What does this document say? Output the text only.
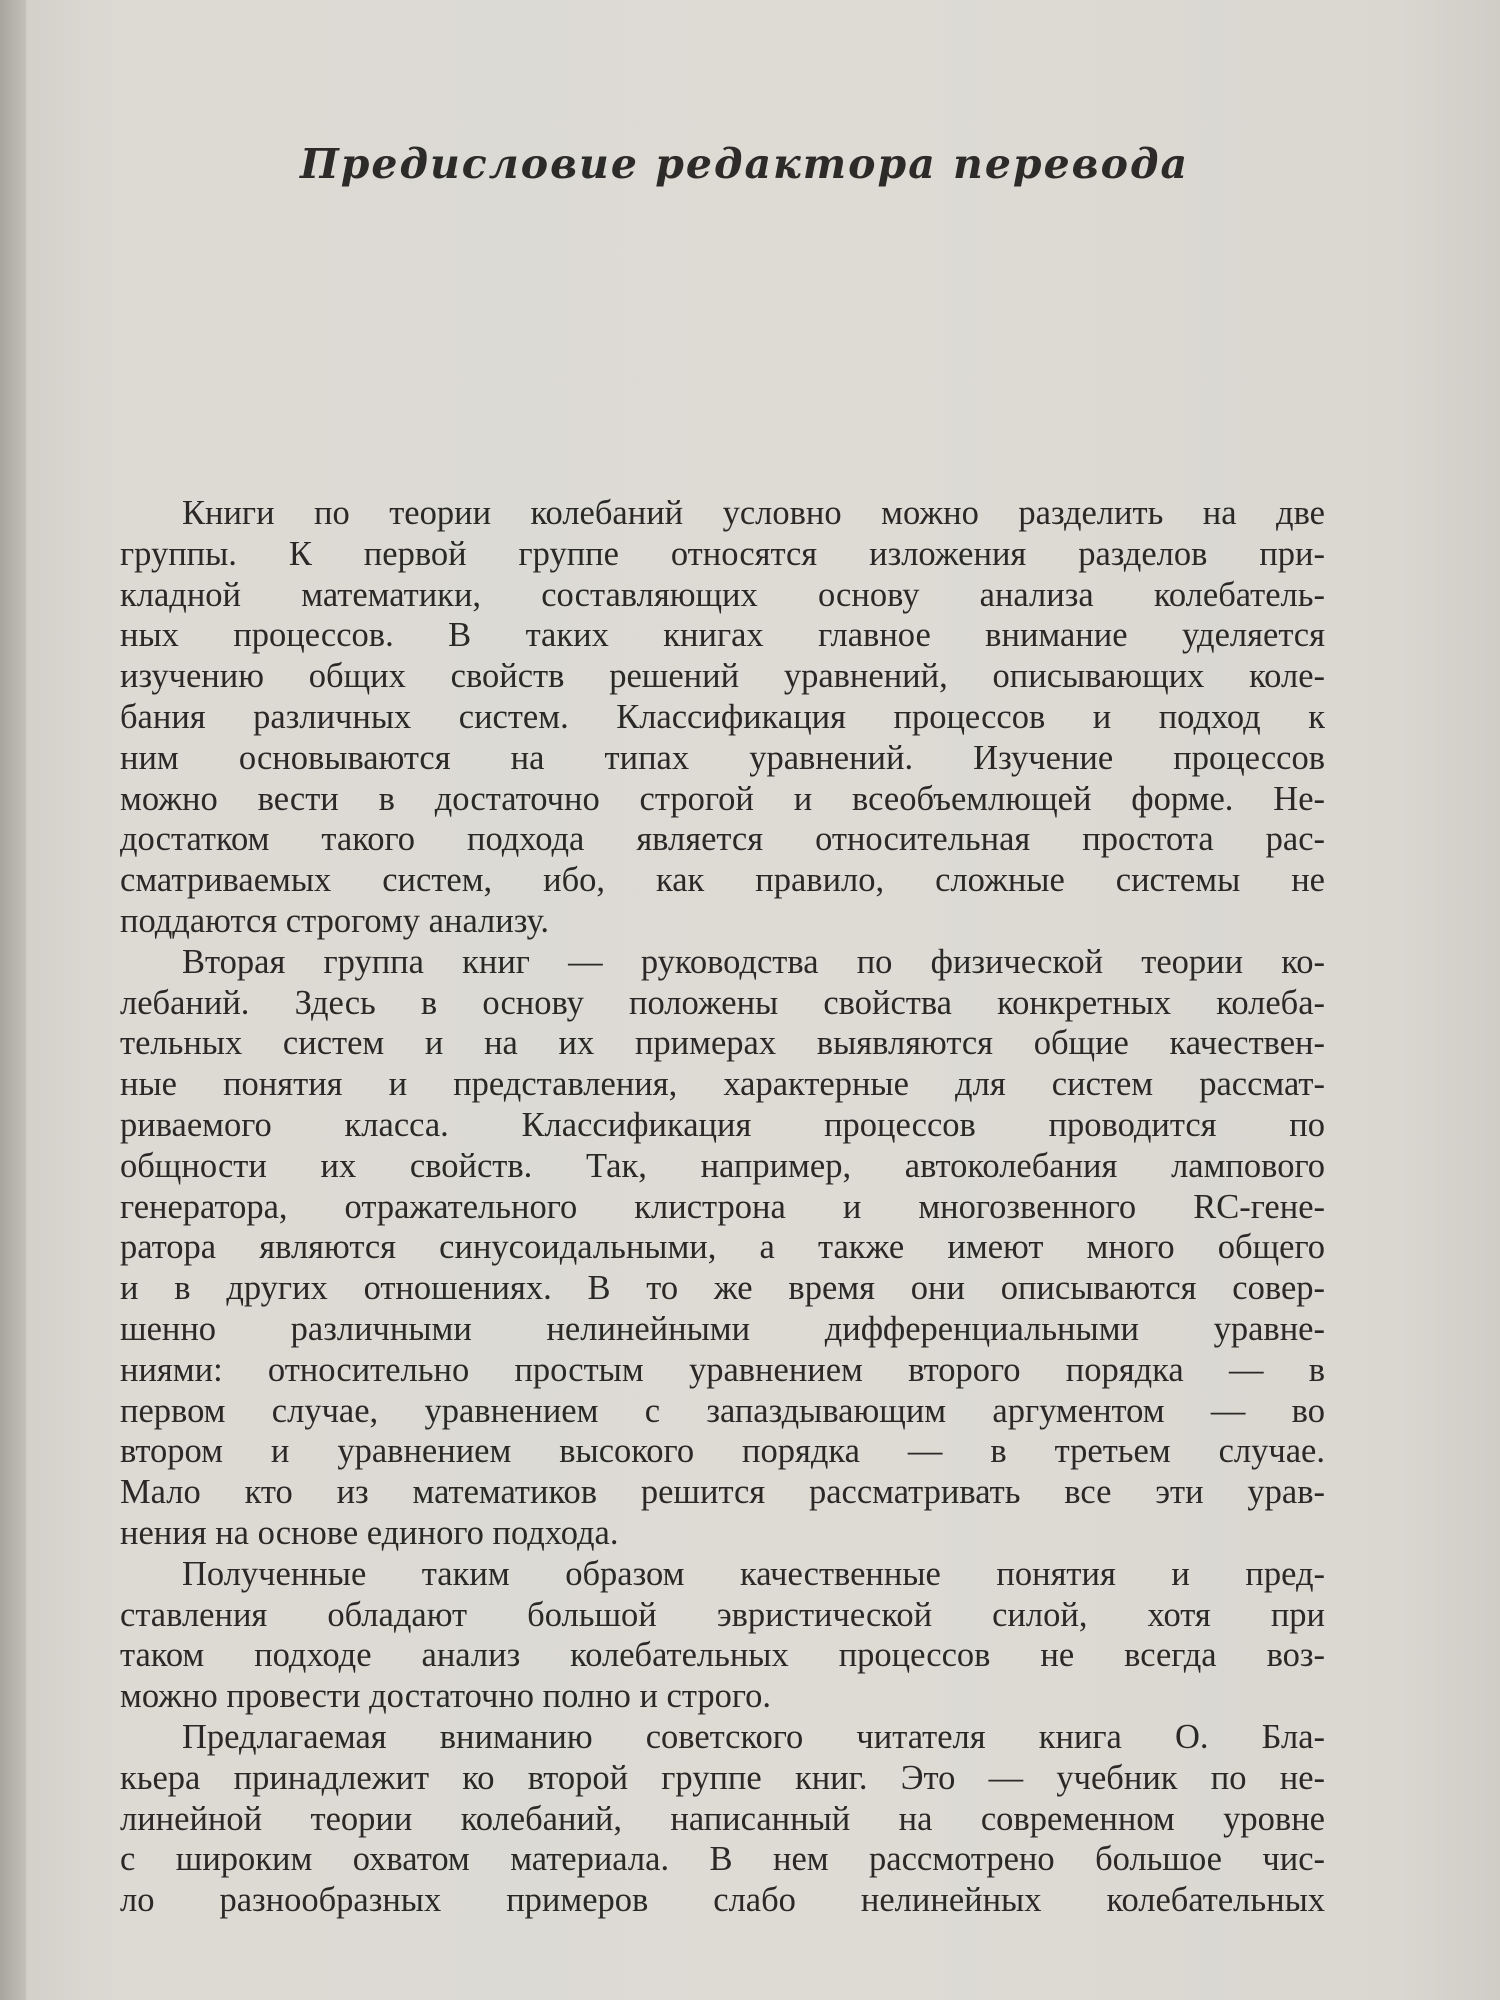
Предисловие редактора перевода
Книги по теории колебаний условно можно разделить на две
группы. К первой группе относятся изложения разделов при-
кладной математики, составляющих основу анализа колебатель-
ных процессов. В таких книгах главное внимание уделяется
изучению общих свойств решений уравнений, описывающих коле-
бания различных систем. Классификация процессов и подход к
ним основываются на типах уравнений. Изучение процессов
можно вести в достаточно строгой и всеобъемлющей форме. Не-
достатком такого подхода является относительная простота рас-
сматриваемых систем, ибо, как правило, сложные системы не
поддаются строгому анализу.
Вторая группа книг — руководства по физической теории ко-
лебаний. Здесь в основу положены свойства конкретных колеба-
тельных систем и на их примерах выявляются общие качествен-
ные понятия и представления, характерные для систем рассмат-
риваемого класса. Классификация процессов проводится по
общности их свойств. Так, например, автоколебания лампового
генератора, отражательного клистрона и многозвенного RC-гене-
ратора являются синусоидальными, а также имеют много общего
и в других отношениях. В то же время они описываются совер-
шенно различными нелинейными дифференциальными уравне-
ниями: относительно простым уравнением второго порядка — в
первом случае, уравнением с запаздывающим аргументом — во
втором и уравнением высокого порядка — в третьем случае.
Мало кто из математиков решится рассматривать все эти урав-
нения на основе единого подхода.
Полученные таким образом качественные понятия и пред-
ставления обладают большой эвристической силой, хотя при
таком подходе анализ колебательных процессов не всегда воз-
можно провести достаточно полно и строго.
Предлагаемая вниманию советского читателя книга О. Бла-
кьера принадлежит ко второй группе книг. Это — учебник по не-
линейной теории колебаний, написанный на современном уровне
с широким охватом материала. В нем рассмотрено большое чис-
ло разнообразных примеров слабо нелинейных колебательных
